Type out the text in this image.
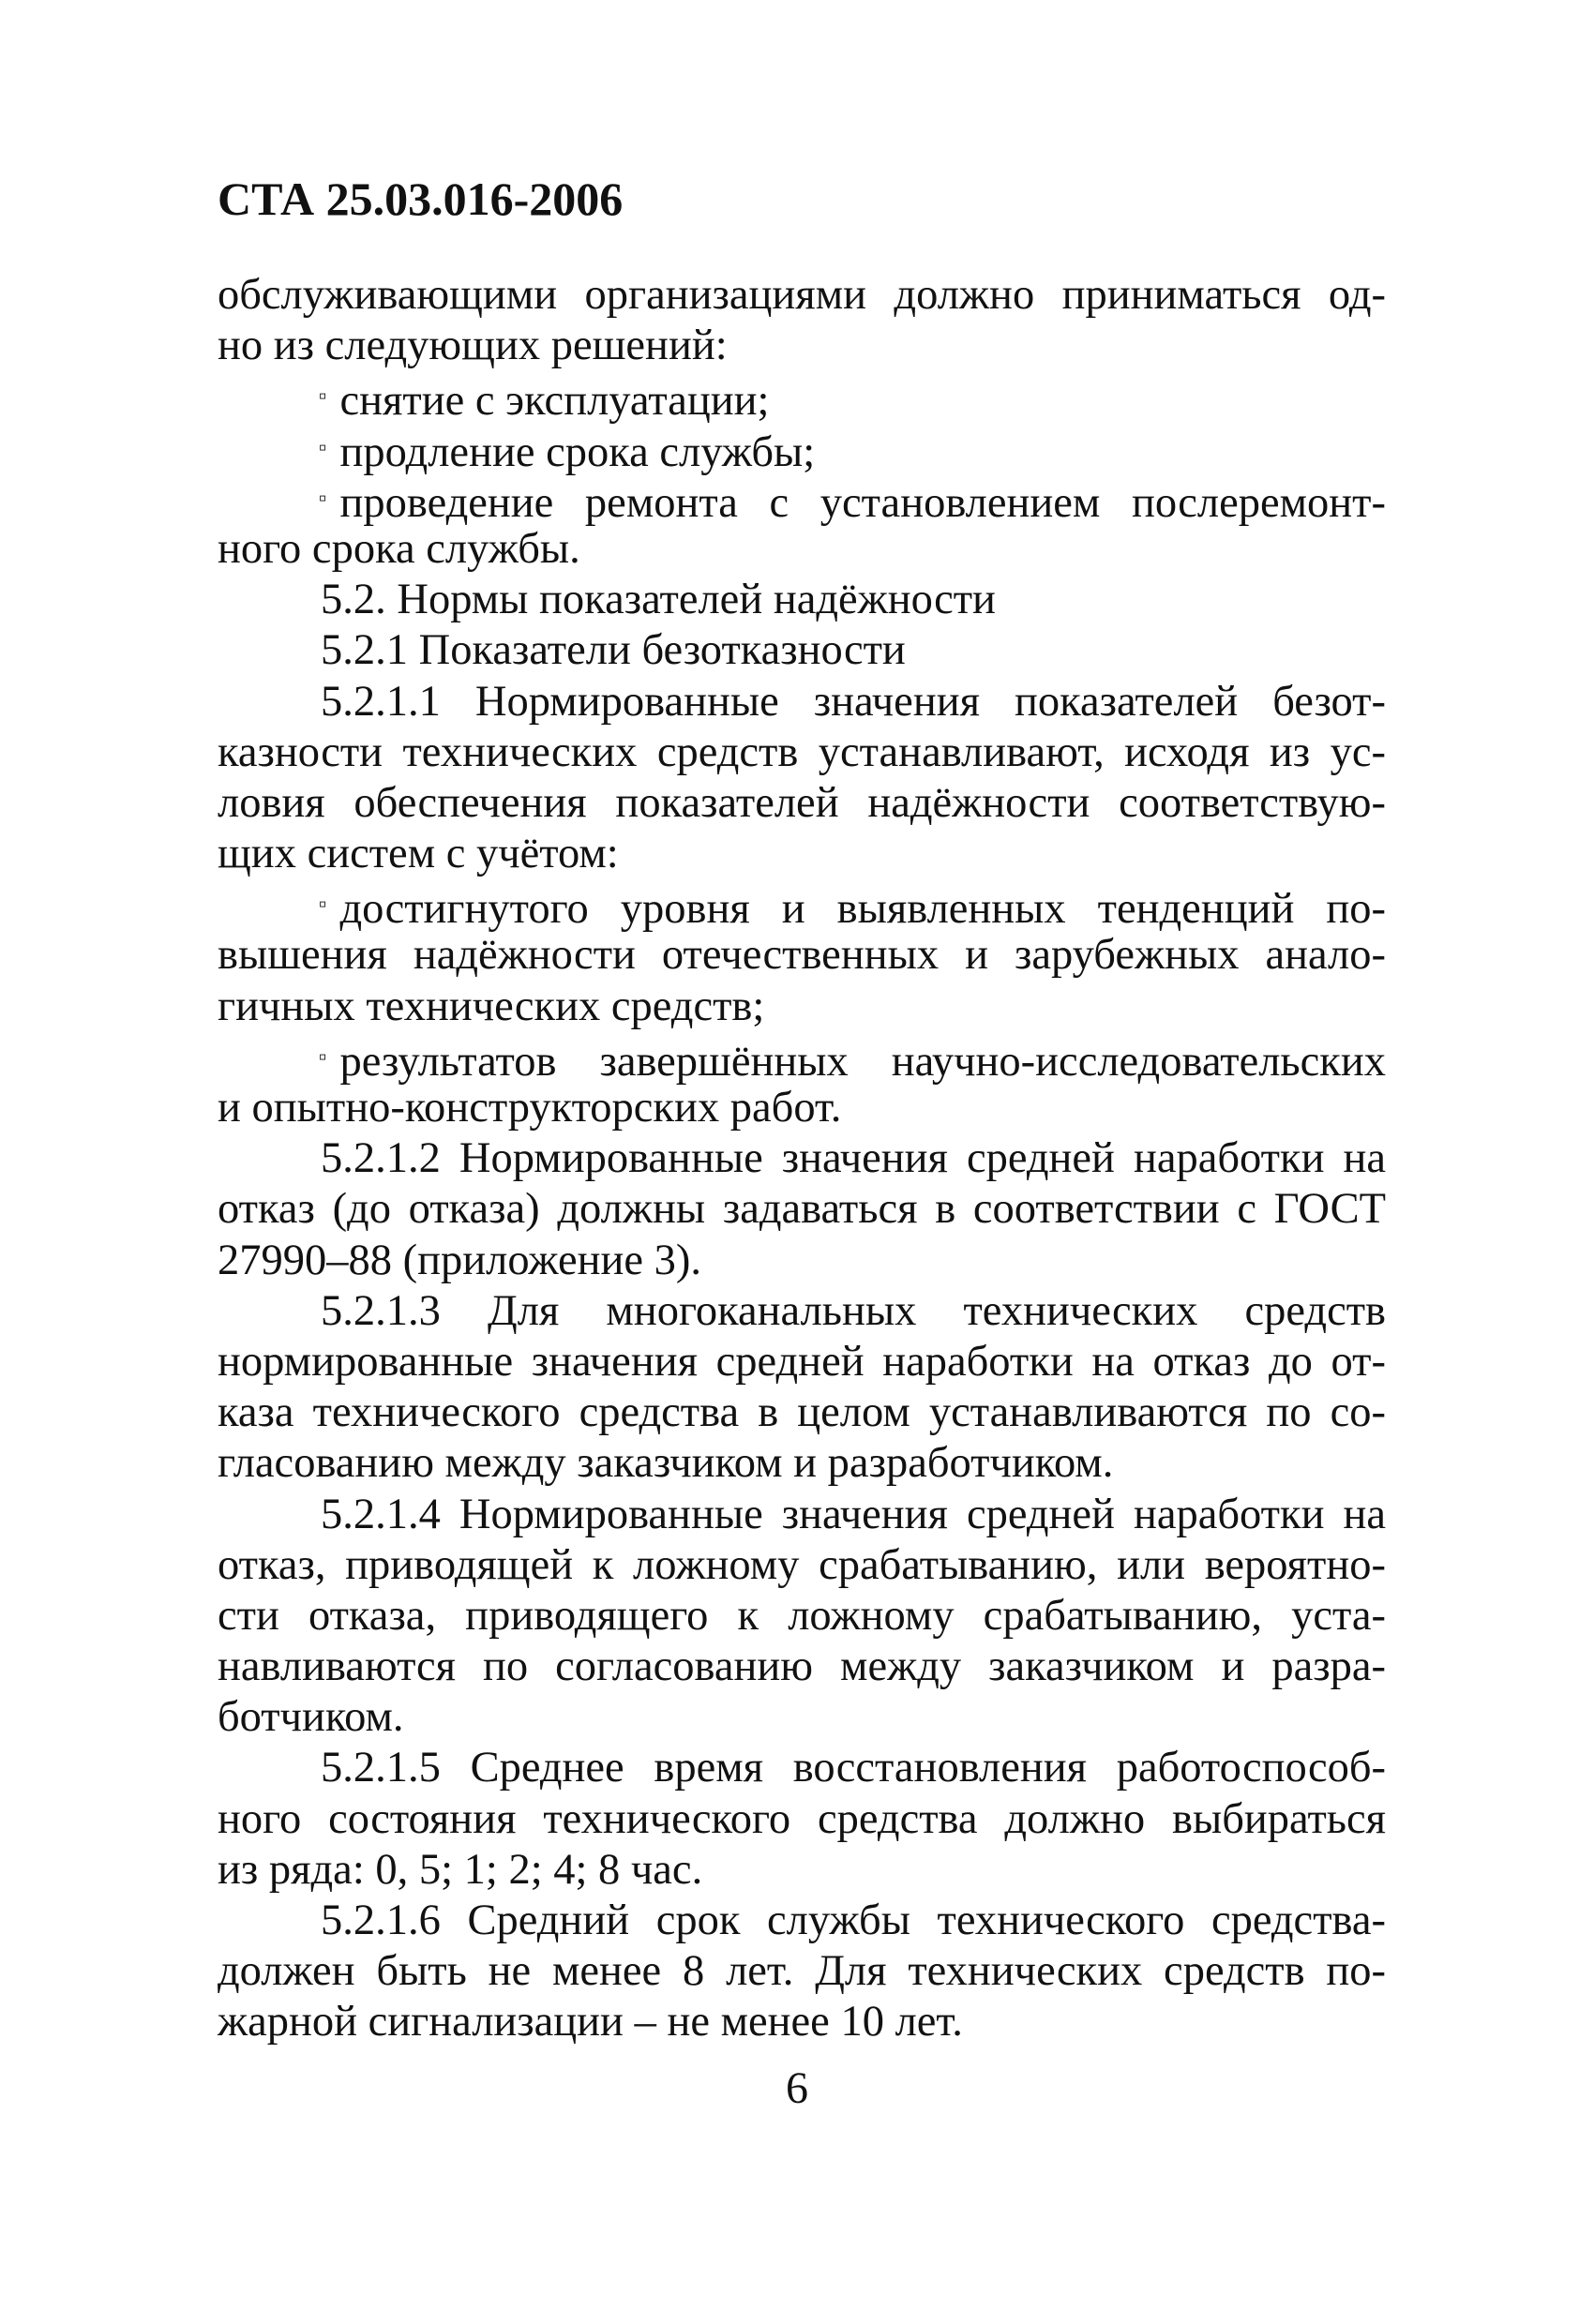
СТА 25.03.016-2006
обслуживающими организациями должно приниматься од-
но из следующих решений:
▫ снятие с эксплуатации;
▫ продление срока службы;
▫ проведение ремонта с установлением послеремонт-
ного срока службы.
5.2. Нормы показателей надёжности
5.2.1 Показатели безотказности
5.2.1.1 Нормированные значения показателей безот-
казности технических средств устанавливают, исходя из ус-
ловия обеспечения показателей надёжности соответствую-
щих систем с учётом:
▫ достигнутого уровня и выявленных тенденций по-
вышения надёжности отечественных и зарубежных анало-
гичных технических средств;
▫ результатов завершённых научно-исследовательских
и опытно-конструкторских работ.
5.2.1.2 Нормированные значения средней наработки на
отказ (до отказа) должны задаваться в соответствии с ГОСТ
27990–88 (приложение 3).
5.2.1.3 Для многоканальных технических средств
нормированные значения средней наработки на отказ до от-
каза технического средства в целом устанавливаются по со-
гласованию между заказчиком и разработчиком.
5.2.1.4 Нормированные значения средней наработки на
отказ, приводящей к ложному срабатыванию, или вероятно-
сти отказа, приводящего к ложному срабатыванию, уста-
навливаются по согласованию между заказчиком и разра-
ботчиком.
5.2.1.5 Среднее время восстановления работоспособ-
ного состояния технического средства должно выбираться
из ряда: 0, 5; 1; 2; 4; 8 час.
5.2.1.6 Средний срок службы технического средства-
должен быть не менее 8 лет. Для технических средств по-
жарной сигнализации – не менее 10 лет.

6
